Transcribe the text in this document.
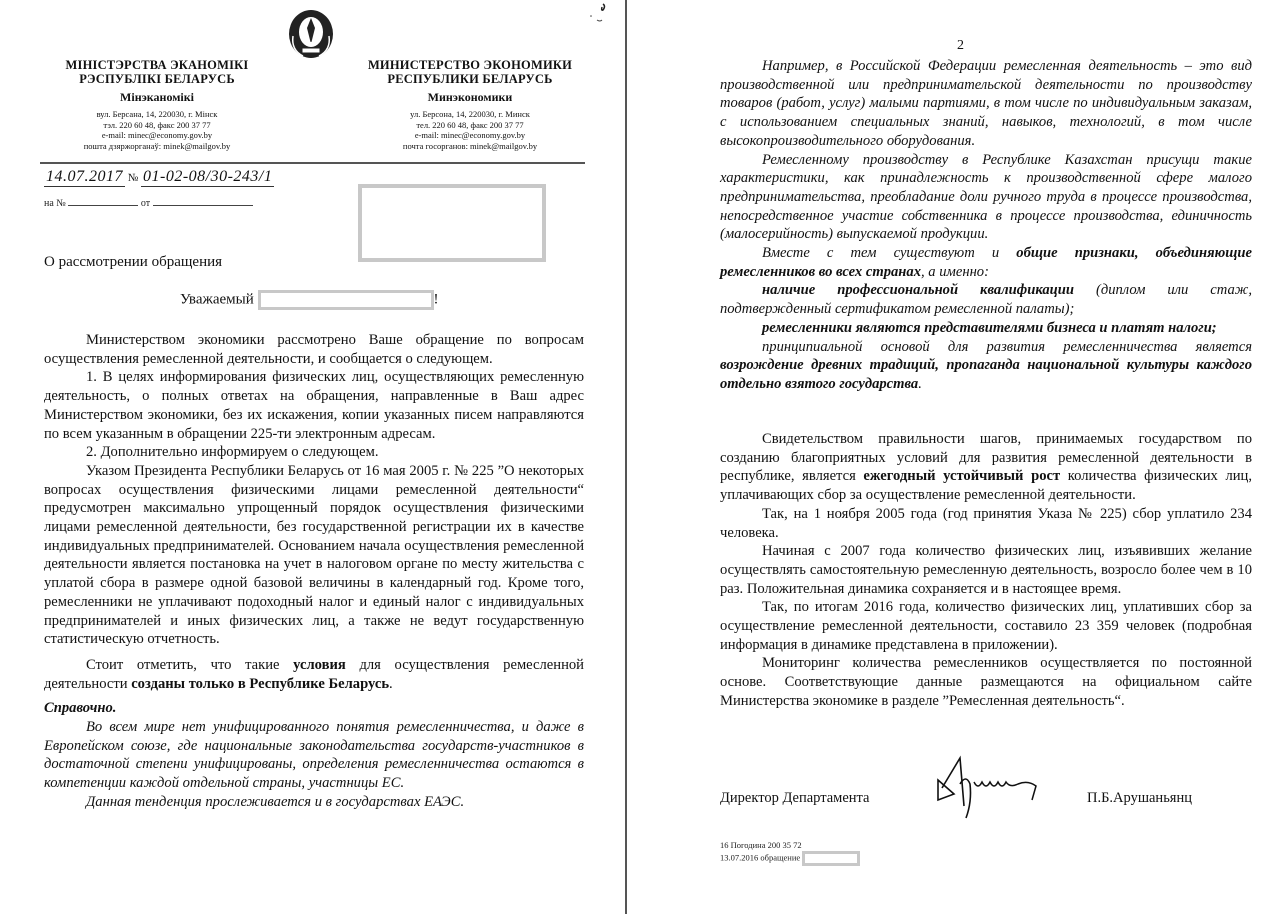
МІНІСТЭРСТВА ЭКАНОМІКІ
РЭСПУБЛІКІ БЕЛАРУСЬ
Мінэканомікі
вул. Берсана, 14, 220030, г. Мінск
тэл. 220 60 48, факс 200 37 77
e-mail: minec@economy.gov.by
пошта дзяржорганаў: minek@mailgov.by
МИНИСТЕРСТВО ЭКОНОМИКИ
РЕСПУБЛИКИ БЕЛАРУСЬ
Минэкономики
ул. Берсона, 14, 220030, г. Минск
тел. 220 60 48, факс 200 37 77
e-mail: minec@economy.gov.by
почта госорганов: minek@mailgov.by
14.07.2017 № 01-02-08/30-243/1
на №	от
О рассмотрении обращения
Уважаемый	!

Министерством экономики рассмотрено Ваше обращение по вопросам осуществления ремесленной деятельности, и сообщается о следующем.

1. В целях информирования физических лиц, осуществляющих ремесленную деятельность, о полных ответах на обращения, направленные в Ваш адрес Министерством экономики, без их искажения, копии указанных писем направляются по всем указанным в обращении 225-ти электронным адресам.

2. Дополнительно информируем о следующем.

Указом Президента Республики Беларусь от 16 мая 2005 г. № 225 ”О некоторых вопросах осуществления физическими лицами ремесленной деятельности“ предусмотрен максимально упрощенный порядок осуществления физическими лицами ремесленной деятельности, без государственной регистрации их в качестве индивидуальных предпринимателей. Основанием начала осуществления ремесленной деятельности является постановка на учет в налоговом органе по месту жительства с уплатой сбора в размере одной базовой величины в календарный год. Кроме того, ремесленники не уплачивают подоходный налог и единый налог с индивидуальных предпринимателей и иных физических лиц, а также не ведут государственную статистическую отчетность.

Стоит отметить, что такие условия для осуществления ремесленной деятельности созданы только в Республике Беларусь.

Справочно.

Во всем мире нет унифицированного понятия ремесленничества, и даже в Европейском союзе, где национальные законодательства государств-участников в достаточной степени унифицированы, определения ремесленничества остаются в компетенции каждой отдельной страны, участницы ЕС.

Данная тенденция прослеживается и в государствах ЕАЭС.

2

Например, в Российской Федерации ремесленная деятельность – это вид производственной или предпринимательской деятельности по производству товаров (работ, услуг) малыми партиями, в том числе по индивидуальным заказам, с использованием специальных знаний, навыков, технологий, в том числе высокопроизводительного оборудования.

Ремесленному производству в Республике Казахстан присущи такие характеристики, как принадлежность к производственной сфере малого предпринимательства, преобладание доли ручного труда в процессе производства, непосредственное участие собственника в процессе производства, единичность (малосерийность) выпускаемой продукции.

Вместе с тем существуют и общие признаки, объединяющие ремесленников во всех странах, а именно:

наличие профессиональной квалификации (диплом или стаж, подтвержденный сертификатом ремесленной палаты);

ремесленники являются представителями бизнеса и платят налоги;

принципиальной основой для развития ремесленничества является возрождение древних традиций, пропаганда национальной культуры каждого отдельно взятого государства.

Свидетельством правильности шагов, принимаемых государством по созданию благоприятных условий для развития ремесленной деятельности в республике, является ежегодный устойчивый рост количества физических лиц, уплачивающих сбор за осуществление ремесленной деятельности.

Так, на 1 ноября 2005 года (год принятия Указа № 225) сбор уплатило 234 человека.

Начиная с 2007 года количество физических лиц, изъявивших желание осуществлять самостоятельную ремесленную деятельность, возросло более чем в 10 раз. Положительная динамика сохраняется и в настоящее время.

Так, по итогам 2016 года, количество физических лиц, уплативших сбор за осуществление ремесленной деятельности, составило 23 359 человек (подробная информация в динамике представлена в приложении).

Мониторинг количества ремесленников осуществляется по постоянной основе. Соответствующие данные размещаются на официальном сайте Министерства экономике в разделе ”Ремесленная деятельность“.

Директор Департамента	П.Б.Арушаньянц
16 Погодина 200 35 72
13.07.2016 обращение
